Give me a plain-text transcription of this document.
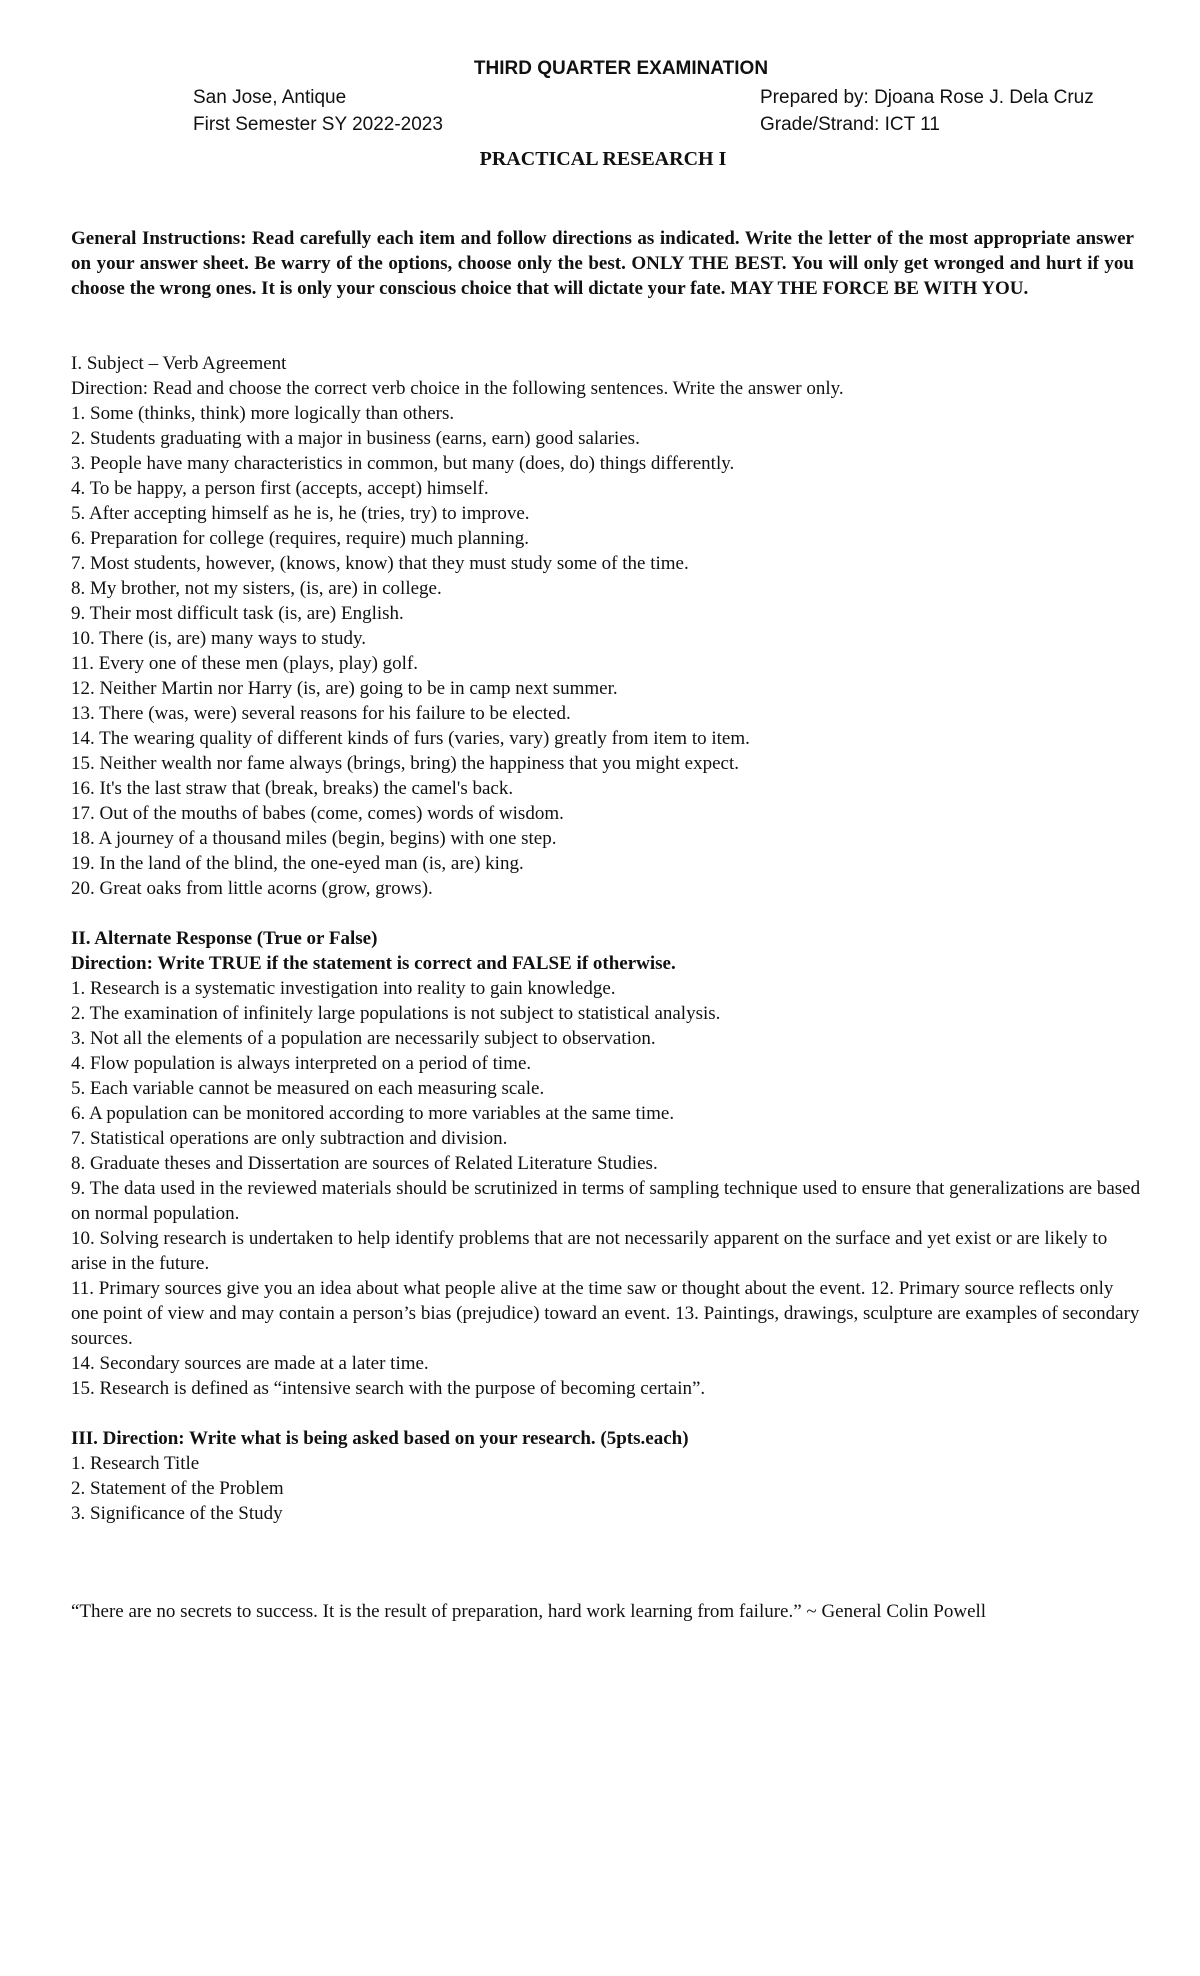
THIRD QUARTER EXAMINATION
San Jose, Antique
First Semester SY 2022-2023
Prepared by: Djoana Rose J. Dela Cruz
Grade/Strand: ICT 11
PRACTICAL RESEARCH I
General Instructions: Read carefully each item and follow directions as indicated. Write the letter of the most appropriate answer on your answer sheet. Be warry of the options, choose only the best. ONLY THE BEST. You will only get wronged and hurt if you choose the wrong ones. It is only your conscious choice that will dictate your fate. MAY THE FORCE BE WITH YOU.

I. Subject – Verb Agreement

Direction: Read and choose the correct verb choice in the following sentences. Write the answer only.

1. Some (thinks, think) more logically than others.

2. Students graduating with a major in business (earns, earn) good salaries.

3. People have many characteristics in common, but many (does, do) things differently.

4. To be happy, a person first (accepts, accept) himself.

5. After accepting himself as he is, he (tries, try) to improve.

6. Preparation for college (requires, require) much planning.

7. Most students, however, (knows, know) that they must study some of the time.

8. My brother, not my sisters, (is, are) in college.

9. Their most difficult task (is, are) English.

10. There (is, are) many ways to study.

11. Every one of these men (plays, play) golf.

12. Neither Martin nor Harry (is, are) going to be in camp next summer.

13. There (was, were) several reasons for his failure to be elected.

14. The wearing quality of different kinds of furs (varies, vary) greatly from item to item.

15. Neither wealth nor fame always (brings, bring) the happiness that you might expect.

16. It's the last straw that (break, breaks) the camel's back.

17. Out of the mouths of babes (come, comes) words of wisdom.

18. A journey of a thousand miles (begin, begins) with one step.

19. In the land of the blind, the one-eyed man (is, are) king.

20. Great oaks from little acorns (grow, grows).

II. Alternate Response (True or False)

Direction: Write TRUE if the statement is correct and FALSE if otherwise.

1. Research is a systematic investigation into reality to gain knowledge.

2. The examination of infinitely large populations is not subject to statistical analysis.

3. Not all the elements of a population are necessarily subject to observation.

4. Flow population is always interpreted on a period of time.

5. Each variable cannot be measured on each measuring scale.

6. A population can be monitored according to more variables at the same time.

7. Statistical operations are only subtraction and division.

8. Graduate theses and Dissertation are sources of Related Literature Studies.

9. The data used in the reviewed materials should be scrutinized in terms of sampling technique used to ensure that generalizations are based on normal population.

10. Solving research is undertaken to help identify problems that are not necessarily apparent on the surface and yet exist or are likely to arise in the future.

11. Primary sources give you an idea about what people alive at the time saw or thought about the event. 12. Primary source reflects only one point of view and may contain a person’s bias (prejudice) toward an event. 13. Paintings, drawings, sculpture are examples of secondary sources.

14. Secondary sources are made at a later time.

15. Research is defined as “intensive search with the purpose of becoming certain”.

III. Direction: Write what is being asked based on your research. (5pts.each)

1. Research Title

2. Statement of the Problem

3. Significance of the Study

“There are no secrets to success. It is the result of preparation, hard work learning from failure.” ~ General Colin Powell
